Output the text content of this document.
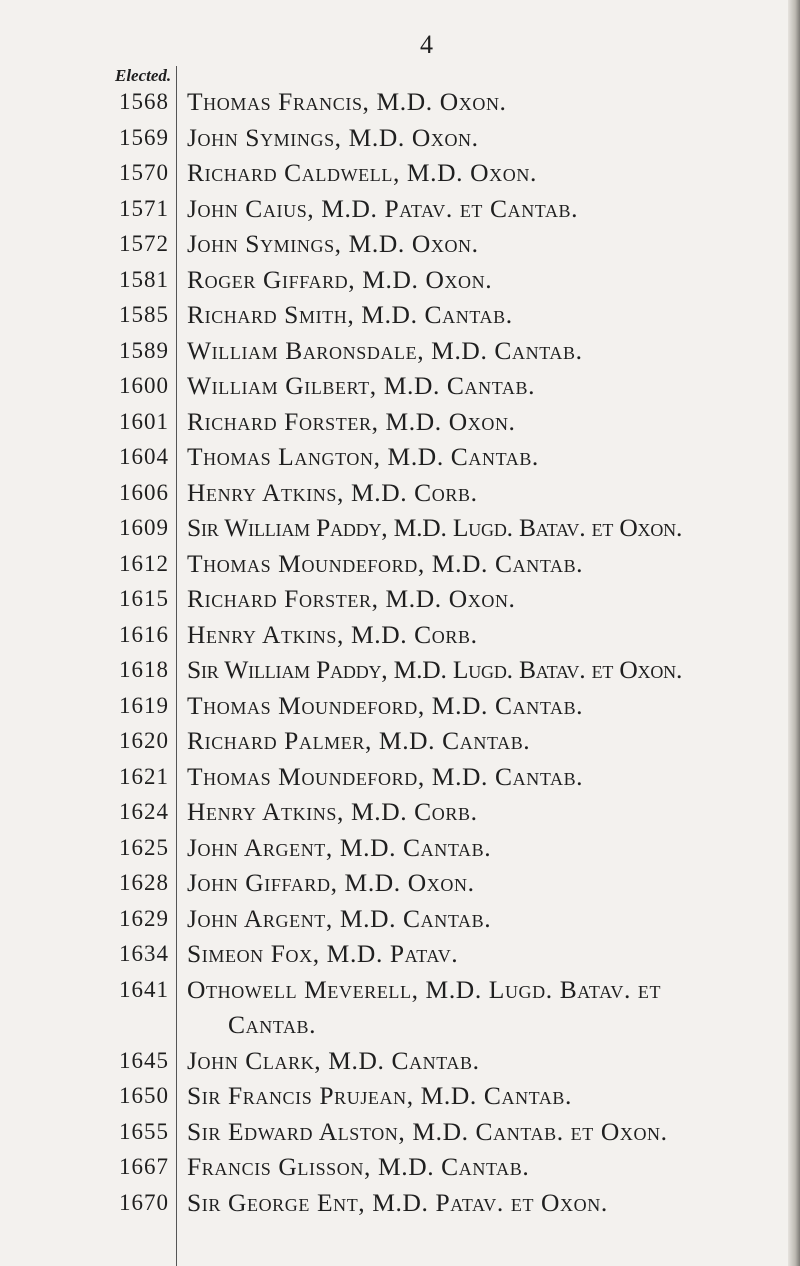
4
Elected.
1568 Thomas Francis, M.D. Oxon.
1569 John Symings, M.D. Oxon.
1570 Richard Caldwell, M.D. Oxon.
1571 John Caius, M.D. Patav. et Cantab.
1572 John Symings, M.D. Oxon.
1581 Roger Giffard, M.D. Oxon.
1585 Richard Smith, M.D. Cantab.
1589 William Baronsdale, M.D. Cantab.
1600 William Gilbert, M.D. Cantab.
1601 Richard Forster, M.D. Oxon.
1604 Thomas Langton, M.D. Cantab.
1606 Henry Atkins, M.D. Corb.
1609 Sir William Paddy, M.D. Lugd. Batav. et Oxon.
1612 Thomas Moundeford, M.D. Cantab.
1615 Richard Forster, M.D. Oxon.
1616 Henry Atkins, M.D. Corb.
1618 Sir William Paddy, M.D. Lugd. Batav. et Oxon.
1619 Thomas Moundeford, M.D. Cantab.
1620 Richard Palmer, M.D. Cantab.
1621 Thomas Moundeford, M.D. Cantab.
1624 Henry Atkins, M.D. Corb.
1625 John Argent, M.D. Cantab.
1628 John Giffard, M.D. Oxon.
1629 John Argent, M.D. Cantab.
1634 Simeon Fox, M.D. Patav.
1641 Othowell Meverell, M.D. Lugd. Batav. et
Cantab.
1645 John Clark, M.D. Cantab.
1650 Sir Francis Prujean, M.D. Cantab.
1655 Sir Edward Alston, M.D. Cantab. et Oxon.
1667 Francis Glisson, M.D. Cantab.
1670 Sir George Ent, M.D. Patav. et Oxon.
